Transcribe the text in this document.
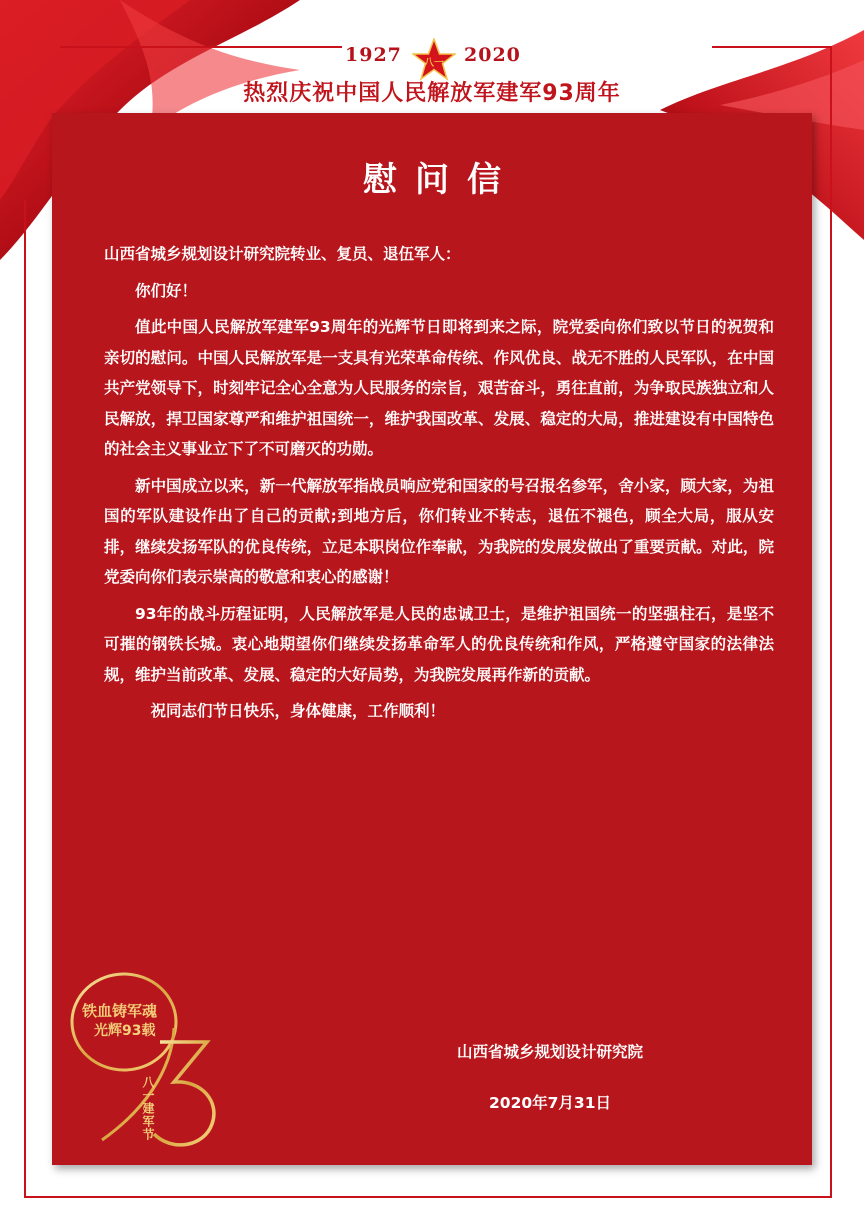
1927 八一 2020
热烈庆祝中国人民解放军建军93周年
慰问信

山西省城乡规划设计研究院转业、复员、退伍军人：

你们好！

值此中国人民解放军建军93周年的光辉节日即将到来之际，院党委向你们致以节日的祝贺和亲切的慰问。中国人民解放军是一支具有光荣革命传统、作风优良、战无不胜的人民军队，在中国共产党领导下，时刻牢记全心全意为人民服务的宗旨，艰苦奋斗，勇往直前，为争取民族独立和人民解放，捍卫国家尊严和维护祖国统一，维护我国改革、发展、稳定的大局，推进建设有中国特色的社会主义事业立下了不可磨灭的功勋。

新中国成立以来，新一代解放军指战员响应党和国家的号召报名参军，舍小家，顾大家，为祖国的军队建设作出了自己的贡献;到地方后，你们转业不转志，退伍不褪色，顾全大局，服从安排，继续发扬军队的优良传统，立足本职岗位作奉献，为我院的发展发做出了重要贡献。对此，院党委向你们表示崇高的敬意和衷心的感谢！

93年的战斗历程证明，人民解放军是人民的忠诚卫士，是维护祖国统一的坚强柱石，是坚不可摧的钢铁长城。衷心地期望你们继续发扬革命军人的优良传统和作风，严格遵守国家的法律法规，维护当前改革、发展、稳定的大好局势，为我院发展再作新的贡献。

祝同志们节日快乐，身体健康，工作顺利！

山西省城乡规划设计研究院
2020年7月31日
铁血铸军魂
光辉93载
八一建军节
